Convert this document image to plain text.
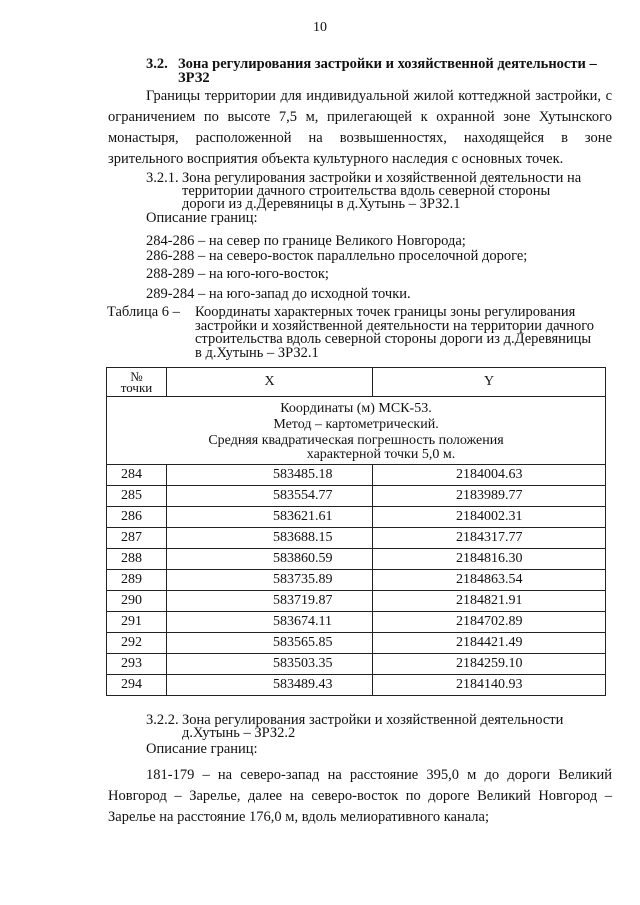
10
3.2. Зона регулирования застройки и хозяйственной деятельности –
ЗРЗ2
Границы территории для индивидуальной жилой коттеджной застройки, с
ограничением по высоте 7,5 м, прилегающей к охранной зоне Хутынского
монастыря, расположенной на возвышенностях, находящейся в зоне
зрительного восприятия объекта культурного наследия с основных точек.
3.2.1. Зона регулирования застройки и хозяйственной деятельности на
территории дачного строительства вдоль северной стороны
дороги из д.Деревяницы в д.Хутынь – ЗРЗ2.1
Описание границ:
284-286 – на север по границе Великого Новгорода;
286-288 – на северо-восток параллельно проселочной дороге;
288-289 – на юго-юго-восток;
289-284 – на юго-запад до исходной точки.
Таблица 6 – Координаты характерных точек границы зоны регулирования
застройки и хозяйственной деятельности на территории дачного
строительства вдоль северной стороны дороги из д.Деревяницы
в д.Хутынь – ЗРЗ2.1
№
точки	X	Y

Координаты (м) МСК-53.
Метод – картометрический.
Средняя квадратическая погрешность положения
характерной точки 5,0 м.		

284	583485.18	2184004.63
285	583554.77	2183989.77
286	583621.61	2184002.31
287	583688.15	2184317.77
288	583860.59	2184816.30
289	583735.89	2184863.54
290	583719.87	2184821.91
291	583674.11	2184702.89
292	583565.85	2184421.49
293	583503.35	2184259.10
294	583489.43	2184140.93
3.2.2. Зона регулирования застройки и хозяйственной деятельности
д.Хутынь – ЗРЗ2.2
Описание границ:
181-179 – на северо-запад на расстояние 395,0 м до дороги Великий
Новгород – Зарелье, далее на северо-восток по дороге Великий Новгород –
Зарелье на расстояние 176,0 м, вдоль мелиоративного канала;
